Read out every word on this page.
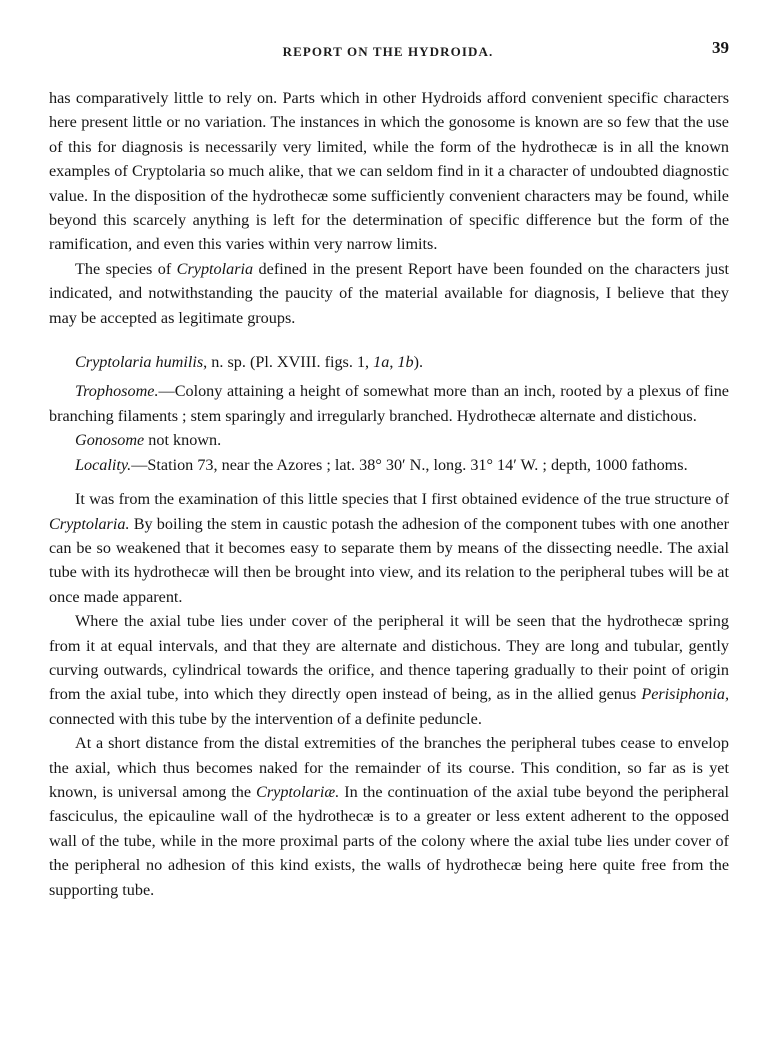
REPORT ON THE HYDROIDA.	39

has comparatively little to rely on. Parts which in other Hydroids afford convenient specific characters here present little or no variation. The instances in which the gonosome is known are so few that the use of this for diagnosis is necessarily very limited, while the form of the hydrothecæ is in all the known examples of Cryptolaria so much alike, that we can seldom find in it a character of undoubted diagnostic value. In the disposition of the hydrothecæ some sufficiently convenient characters may be found, while beyond this scarcely anything is left for the determination of specific difference but the form of the ramification, and even this varies within very narrow limits.

The species of Cryptolaria defined in the present Report have been founded on the characters just indicated, and notwithstanding the paucity of the material available for diagnosis, I believe that they may be accepted as legitimate groups.

Cryptolaria humilis, n. sp. (Pl. XVIII. figs. 1, 1a, 1b).

Trophosome.—Colony attaining a height of somewhat more than an inch, rooted by a plexus of fine branching filaments ; stem sparingly and irregularly branched. Hydrothecæ alternate and distichous.

Gonosome not known.

Locality.—Station 73, near the Azores ; lat. 38° 30′ N., long. 31° 14′ W. ; depth, 1000 fathoms.

It was from the examination of this little species that I first obtained evidence of the true structure of Cryptolaria. By boiling the stem in caustic potash the adhesion of the component tubes with one another can be so weakened that it becomes easy to separate them by means of the dissecting needle. The axial tube with its hydrothecæ will then be brought into view, and its relation to the peripheral tubes will be at once made apparent.

Where the axial tube lies under cover of the peripheral it will be seen that the hydrothecæ spring from it at equal intervals, and that they are alternate and distichous. They are long and tubular, gently curving outwards, cylindrical towards the orifice, and thence tapering gradually to their point of origin from the axial tube, into which they directly open instead of being, as in the allied genus Perisiphonia, connected with this tube by the intervention of a definite peduncle.

At a short distance from the distal extremities of the branches the peripheral tubes cease to envelop the axial, which thus becomes naked for the remainder of its course. This condition, so far as is yet known, is universal among the Cryptolariæ. In the continuation of the axial tube beyond the peripheral fasciculus, the epicauline wall of the hydrothecæ is to a greater or less extent adherent to the opposed wall of the tube, while in the more proximal parts of the colony where the axial tube lies under cover of the peripheral no adhesion of this kind exists, the walls of hydrothecæ being here quite free from the supporting tube.
